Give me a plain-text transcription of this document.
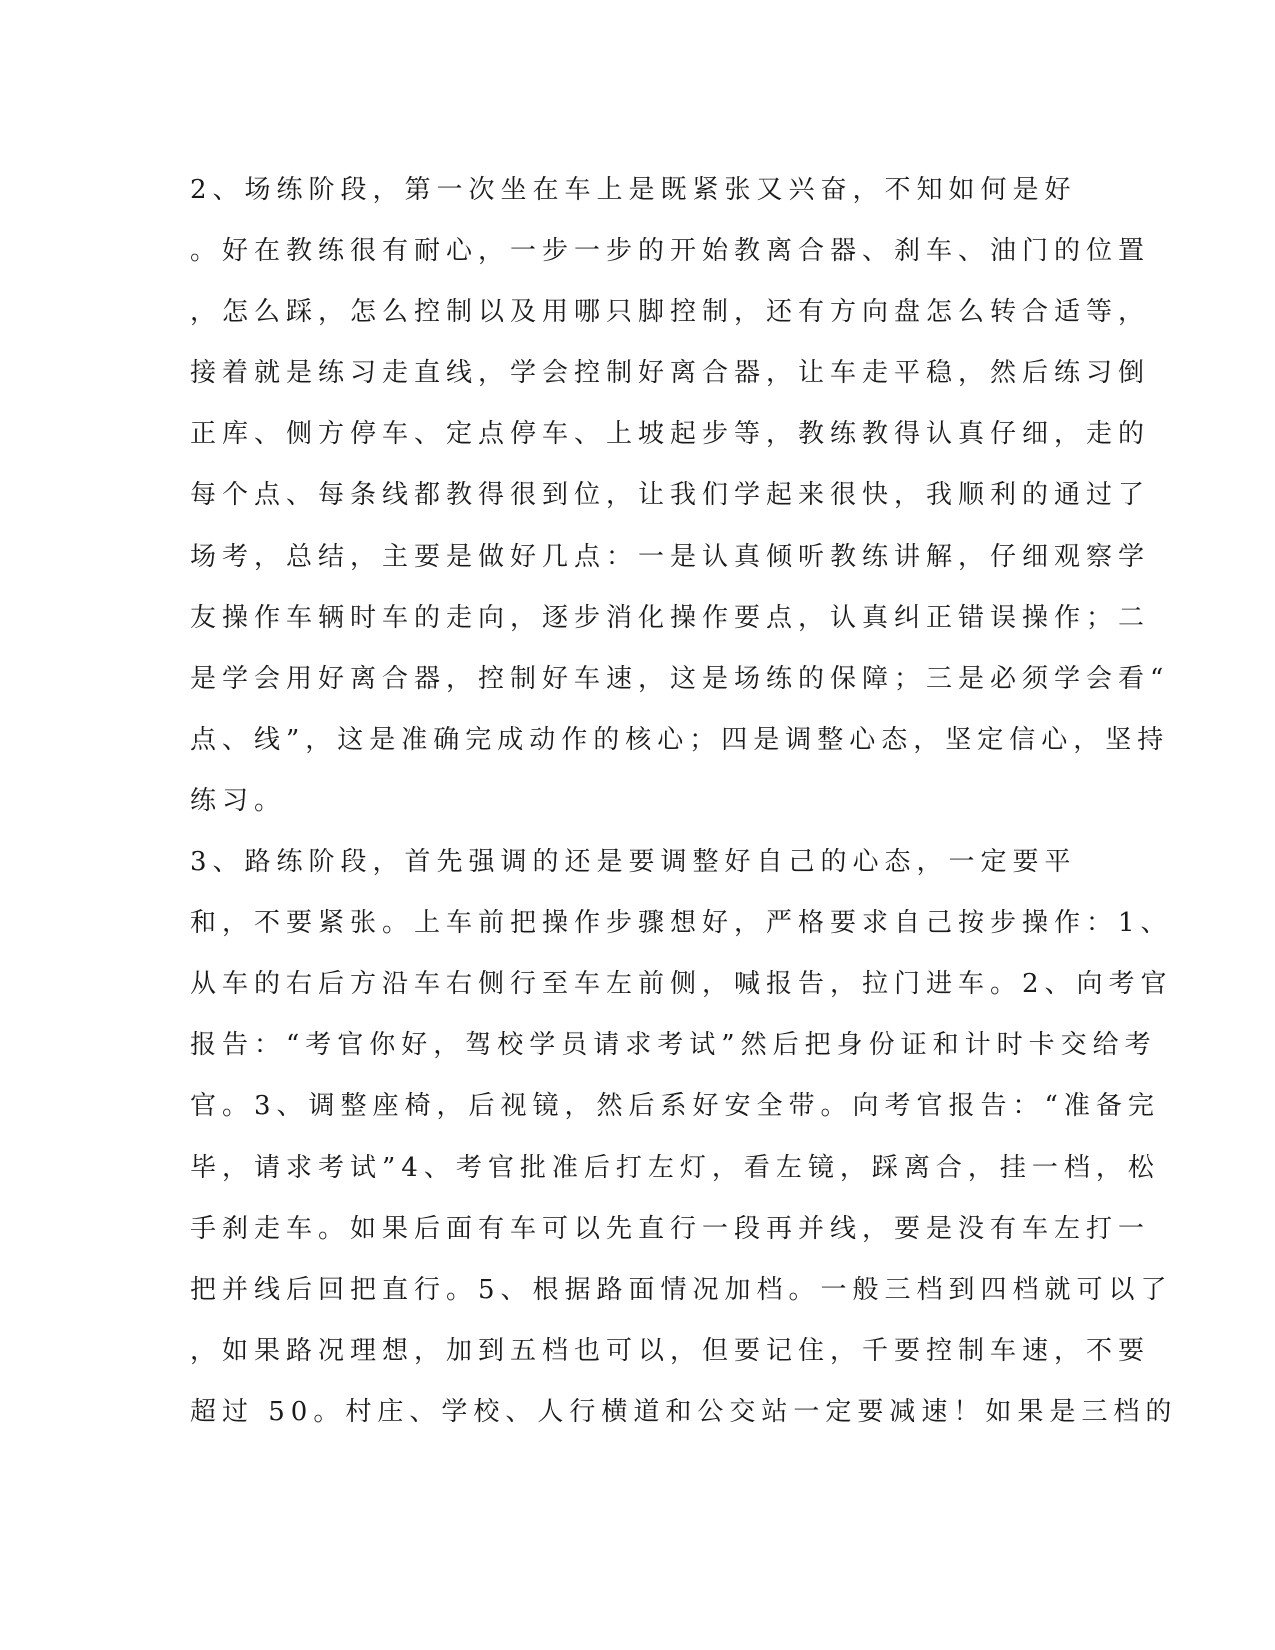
2、场练阶段，第一次坐在车上是既紧张又兴奋，不知如何是好
。好在教练很有耐心，一步一步的开始教离合器、刹车、油门的位置
，怎么踩，怎么控制以及用哪只脚控制，还有方向盘怎么转合适等，
接着就是练习走直线，学会控制好离合器，让车走平稳，然后练习倒
正库、侧方停车、定点停车、上坡起步等，教练教得认真仔细，走的
每个点、每条线都教得很到位，让我们学起来很快，我顺利的通过了
场考，总结，主要是做好几点：一是认真倾听教练讲解，仔细观察学
友操作车辆时车的走向，逐步消化操作要点，认真纠正错误操作；二
是学会用好离合器，控制好车速，这是场练的保障；三是必须学会看“
点、线”，这是准确完成动作的核心；四是调整心态，坚定信心，坚持
练习。
3、路练阶段，首先强调的还是要调整好自己的心态，一定要平
和，不要紧张。上车前把操作步骤想好，严格要求自己按步操作：1、
从车的右后方沿车右侧行至车左前侧，喊报告，拉门进车。2、向考官
报告：“考官你好，驾校学员请求考试”然后把身份证和计时卡交给考
官。3、调整座椅，后视镜，然后系好安全带。向考官报告：“准备完
毕，请求考试”4、考官批准后打左灯，看左镜，踩离合，挂一档，松
手刹走车。如果后面有车可以先直行一段再并线，要是没有车左打一
把并线后回把直行。5、根据路面情况加档。一般三档到四档就可以了
，如果路况理想，加到五档也可以，但要记住，千要控制车速，不要
超过 50。村庄、学校、人行横道和公交站一定要减速！如果是三档的
